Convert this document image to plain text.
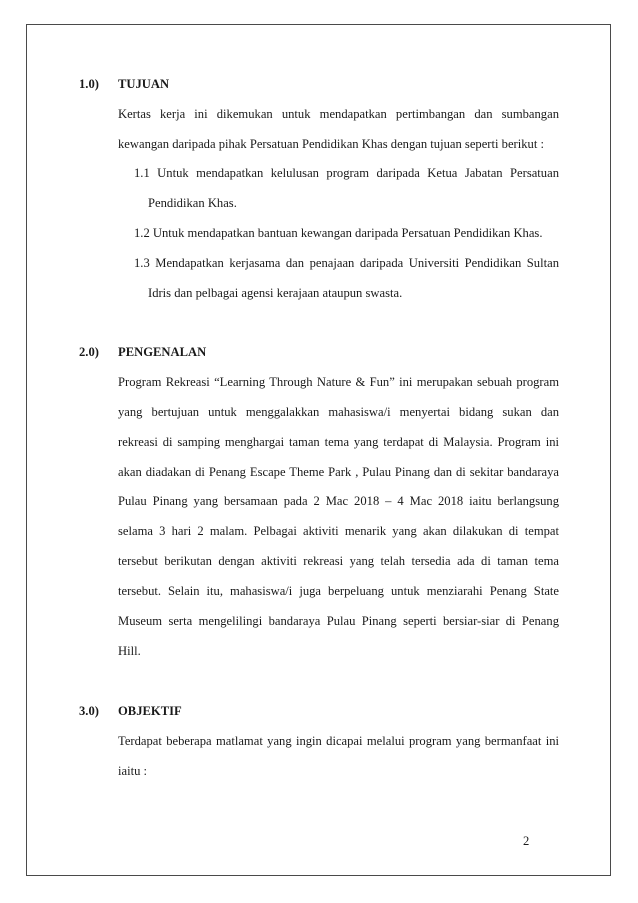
1.0) TUJUAN
Kertas kerja ini dikemukan untuk mendapatkan pertimbangan dan sumbangan
kewangan daripada pihak Persatuan Pendidikan Khas dengan tujuan seperti berikut :
1.1 Untuk mendapatkan kelulusan program daripada Ketua Jabatan Persatuan
Pendidikan Khas.
1.2 Untuk mendapatkan bantuan kewangan daripada Persatuan Pendidikan Khas.
1.3 Mendapatkan kerjasama dan penajaan daripada Universiti Pendidikan Sultan
Idris dan pelbagai agensi kerajaan ataupun swasta.
2.0) PENGENALAN
Program Rekreasi “Learning Through Nature & Fun” ini merupakan sebuah program
yang bertujuan untuk menggalakkan mahasiswa/i menyertai bidang sukan dan
rekreasi di samping menghargai taman tema yang terdapat di Malaysia. Program ini
akan diadakan di Penang Escape Theme Park , Pulau Pinang dan di sekitar bandaraya
Pulau Pinang yang bersamaan pada 2 Mac 2018 – 4 Mac 2018 iaitu berlangsung
selama 3 hari 2 malam. Pelbagai aktiviti menarik yang akan dilakukan di tempat
tersebut berikutan dengan aktiviti rekreasi yang telah tersedia ada di taman tema
tersebut. Selain itu, mahasiswa/i juga berpeluang untuk menziarahi Penang State
Museum serta mengelilingi bandaraya Pulau Pinang seperti bersiar-siar di Penang
Hill.
3.0) OBJEKTIF
Terdapat beberapa matlamat yang ingin dicapai melalui program yang bermanfaat ini
iaitu :
2
